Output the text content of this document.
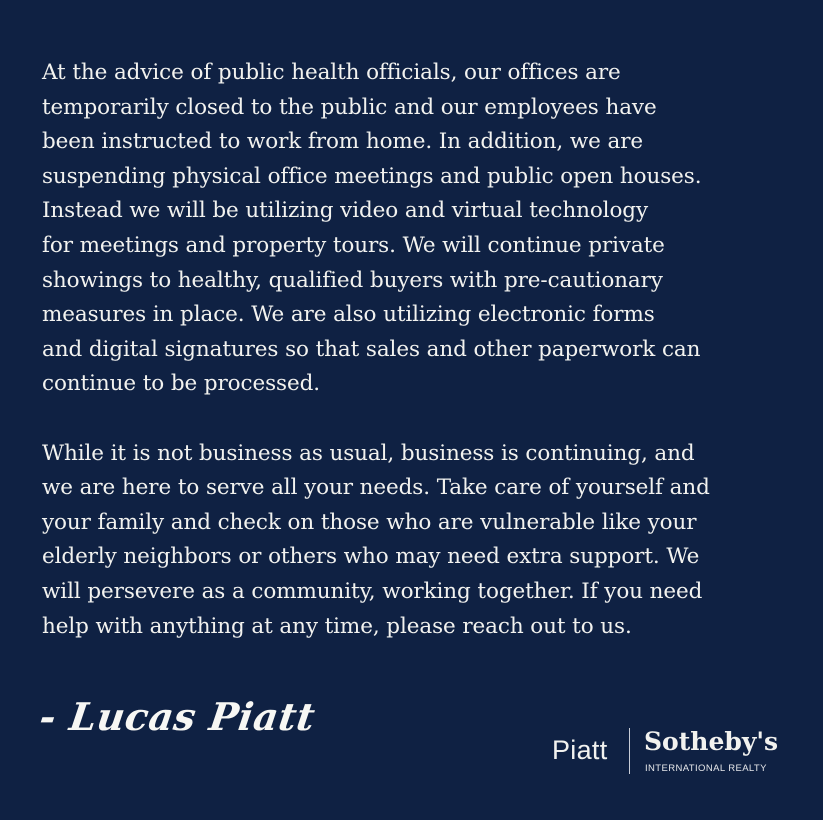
At the advice of public health officials, our offices are
temporarily closed to the public and our employees have
been instructed to work from home. In addition, we are
suspending physical office meetings and public open houses.
Instead we will be utilizing video and virtual technology
for meetings and property tours. We will continue private
showings to healthy, qualified buyers with pre-cautionary
measures in place. We are also utilizing electronic forms
and digital signatures so that sales and other paperwork can
continue to be processed.

While it is not business as usual, business is continuing, and
we are here to serve all your needs. Take care of yourself and
your family and check on those who are vulnerable like your
elderly neighbors or others who may need extra support. We
will persevere as a community, working together. If you need
help with anything at any time, please reach out to us.

- Lucas Piatt
Piatt Sotheby's
INTERNATIONAL REALTY
